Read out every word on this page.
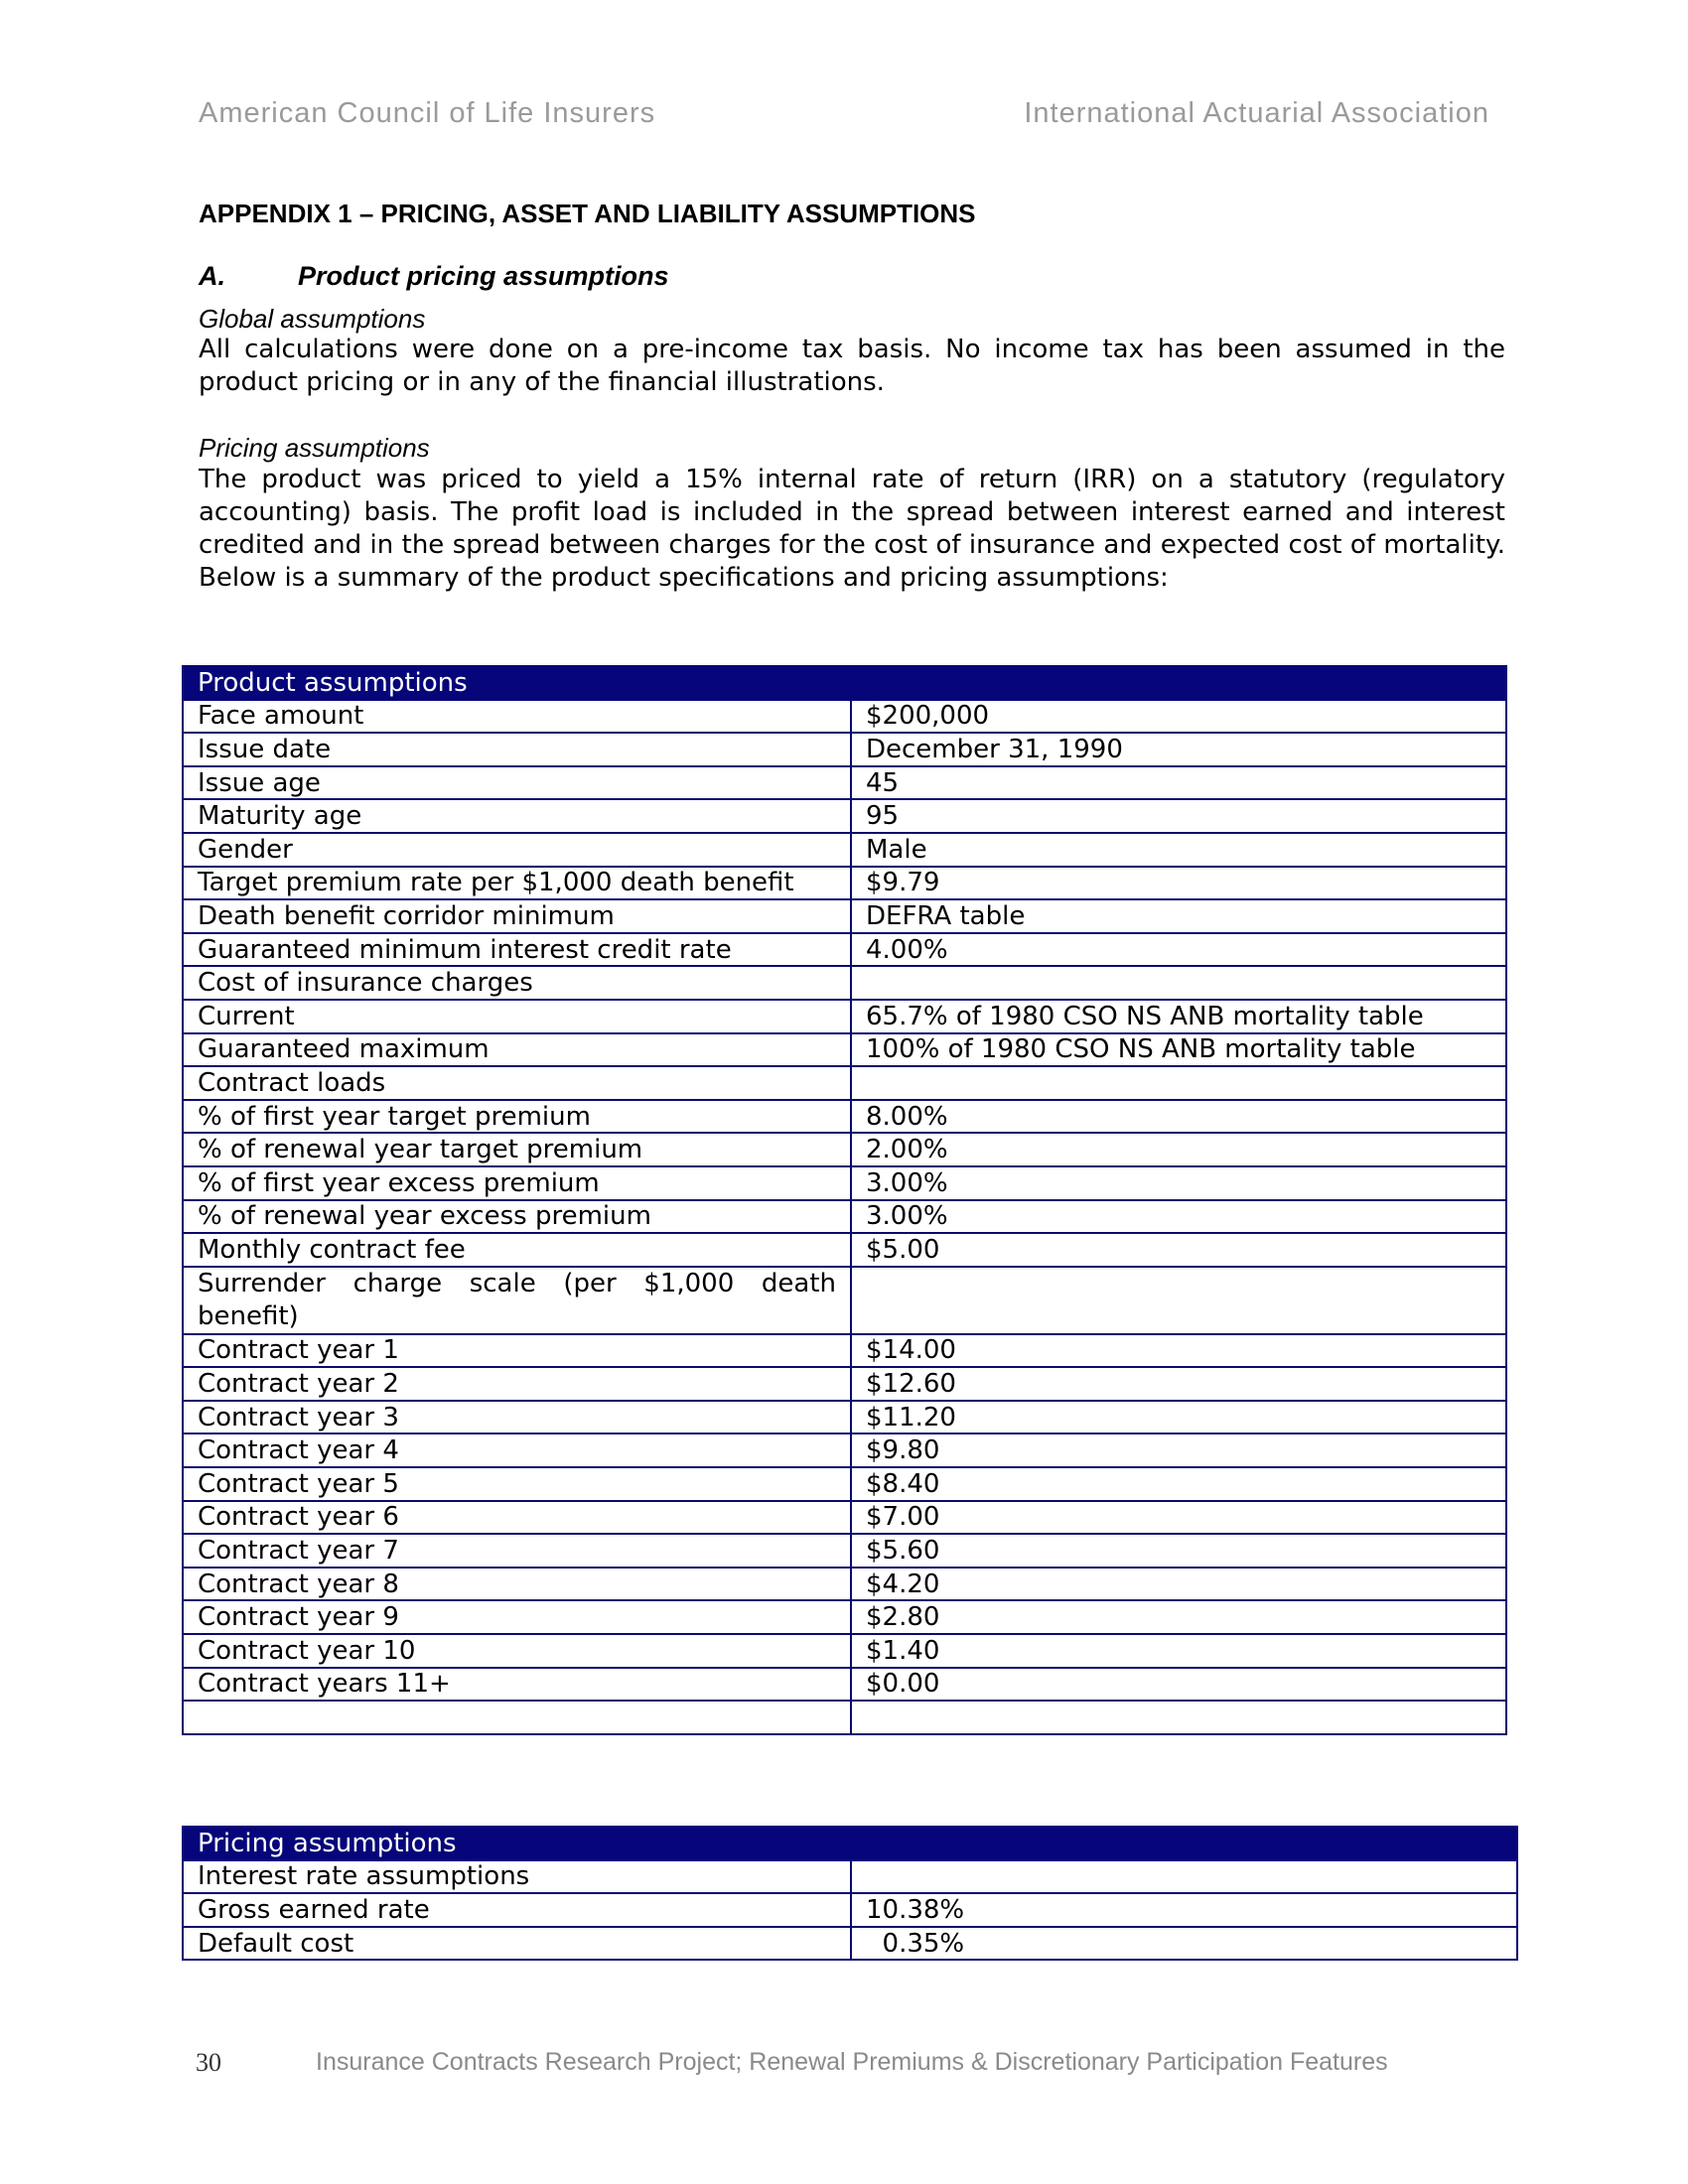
American Council of Life Insurers	International Actuarial Association
APPENDIX 1 – PRICING, ASSET AND LIABILITY ASSUMPTIONS
A.	Product pricing assumptions
Global assumptions
All calculations were done on a pre-income tax basis. No income tax has been assumed in the product pricing or in any of the financial illustrations.
Pricing assumptions
The product was priced to yield a 15% internal rate of return (IRR) on a statutory (regulatory accounting) basis. The profit load is included in the spread between interest earned and interest credited and in the spread between charges for the cost of insurance and expected cost of mortality. Below is a summary of the product specifications and pricing assumptions:
Product assumptions	
Face amount	$200,000
Issue date	December 31, 1990
Issue age	45
Maturity age	95
Gender	Male
Target premium rate per $1,000 death benefit	$9.79
Death benefit corridor minimum	DEFRA table
Guaranteed minimum interest credit rate	4.00%
Cost of insurance charges	
Current	65.7% of 1980 CSO NS ANB mortality table
Guaranteed maximum	100% of 1980 CSO NS ANB mortality table
Contract loads	
% of first year target premium	8.00%
% of renewal year target premium	2.00%
% of first year excess premium	3.00%
% of renewal year excess premium	3.00%
Monthly contract fee	$5.00
Surrender charge scale (per $1,000 death benefit)	
Contract year 1	$14.00
Contract year 2	$12.60
Contract year 3	$11.20
Contract year 4	$9.80
Contract year 5	$8.40
Contract year 6	$7.00
Contract year 7	$5.60
Contract year 8	$4.20
Contract year 9	$2.80
Contract year 10	$1.40
Contract years 11+	$0.00

Pricing assumptions	
Interest rate assumptions	
Gross earned rate	10.38%
Default cost	0.35%
30	Insurance Contracts Research Project; Renewal Premiums & Discretionary Participation Features
